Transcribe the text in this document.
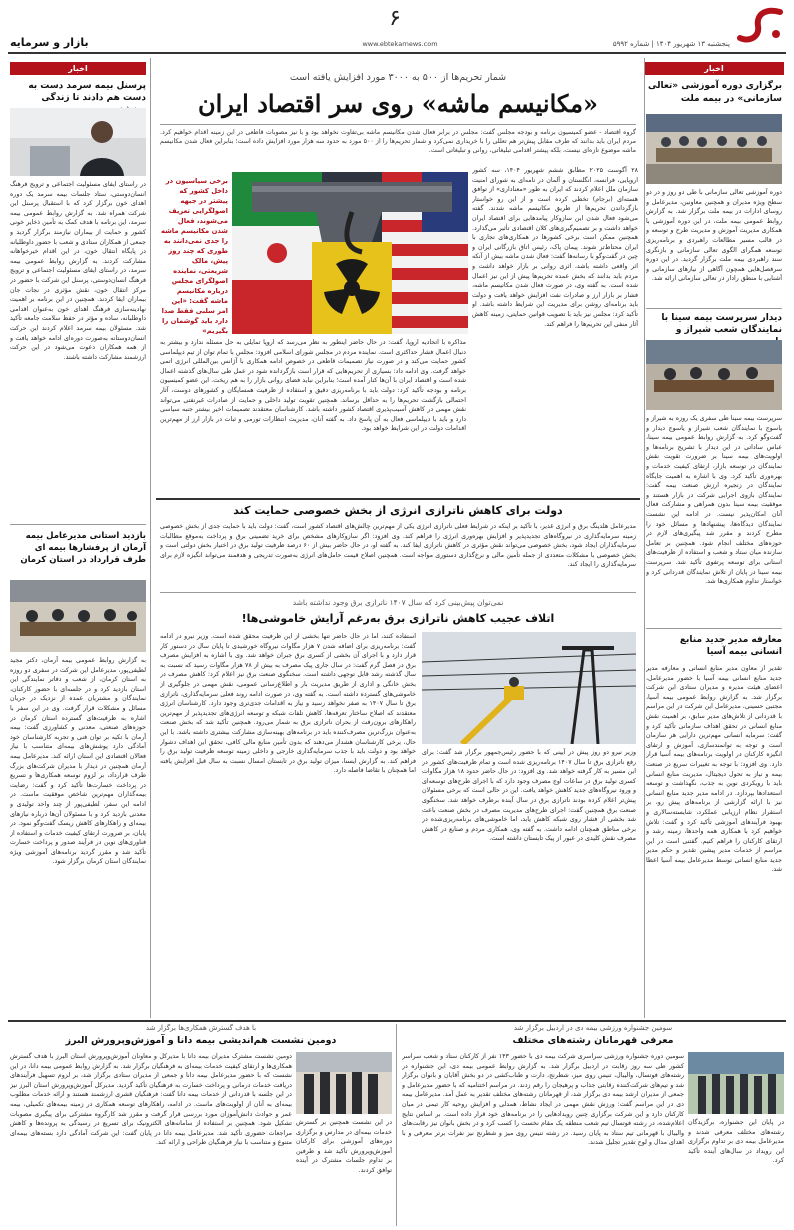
پنجشنبه ۱۳ شهریور ۱۴۰۴ | شماره ۵۹۹۲
۶
www.ebtekarnews.com
بازار و سرمایه
اخبار
برگزاری دوره آموزشی «تعالی سازمانی» در بیمه ملت
دوره آموزشی تعالی سازمانی با طی دو روز و در دو سطح ویژه مدیران و همچنین معاونین، مدیرعامل و روسای ادارات در بیمه ملت برگزار شد. به گزارش روابط عمومی بیمه ملت، در این دوره آموزشی با همکاری مدیریت آموزش و مدیریت طرح و توسعه و در قالب مسیر مطالعات راهبردی و برنامه‌ریزی توسعه همگرای الگوی تعالی سازمانی و بازنگری سند راهبردی بیمه ملت برگزار گردید. در این دوره سرفصل‌هایی همچون آگاهی از نیازهای سازمانی و آشنایی با منطق رادار در تعالی سازمانی ارائه شد.
دیدار سرپرست بیمه سینا با نمایندگان شعب شیراز و
سرپرست بیمه سینا طی سفری یک روزه به شیراز و یاسوج با نمایندگان شعب شیراز و یاسوج دیدار و گفت‌وگو کرد. به گزارش روابط عمومی بیمه سینا، عباس ساداتی در این دیدار با تشریح برنامه‌ها و اولویت‌های بیمه سینا بر ضرورت تقویت نقش نمایندگان در توسعه بازار، ارتقای کیفیت خدمات و بهره‌وری تأکید کرد. وی با اشاره به اهمیت جایگاه نمایندگان در زنجیره ارزش صنعت بیمه گفت: نمایندگان بازوی اجرایی شرکت در بازار هستند و موفقیت بیمه سینا بدون همراهی و مشارکت فعال آنان امکان‌پذیر نیست. در ادامه این نشست نمایندگان دیدگاه‌ها، پیشنهادها و مسائل خود را مطرح کردند و مقرر شد پیگیری‌های لازم در حوزه‌های مختلف انجام شود. همچنین بر تعامل سازنده میان ستاد و شعب و استفاده از ظرفیت‌های استانی برای توسعه پرتفوی تأکید شد. سرپرست بیمه سینا در پایان از تلاش نمایندگان قدردانی کرد و خواستار تداوم همکاری‌ها شد.
معارفه مدیر جدید منابع انسانی بیمه آسیا
تقدیر از معاون مدیر منابع انسانی و معارفه مدیر جدید منابع انسانی بیمه آسیا با حضور مدیرعامل، اعضای هیئت مدیره و مدیران ستادی این شرکت برگزار شد. به گزارش روابط عمومی بیمه آسیا، مجتبی حسینی، مدیرعامل این شرکت در این مراسم با قدردانی از تلاش‌های مدیر سابق، بر اهمیت نقش منابع انسانی در تحقق اهداف سازمانی تأکید کرد و گفت: سرمایه انسانی مهم‌ترین دارایی هر سازمان است و توجه به توانمندسازی، آموزش و ارتقای انگیزه کارکنان در اولویت برنامه‌های بیمه آسیا قرار دارد. وی افزود: با توجه به تغییرات سریع در صنعت بیمه و نیاز به تحول دیجیتال، مدیریت منابع انسانی باید با رویکردی نوین به جذب، نگهداشت و توسعه استعدادها بپردازد. در ادامه مدیر جدید منابع انسانی نیز با ارائه گزارشی از برنامه‌های پیش رو، بر استقرار نظام ارزیابی عملکرد، شایسته‌سالاری و بهبود فرآیندهای آموزشی تأکید کرد و گفت: تلاش خواهیم کرد با همکاری همه واحدها، زمینه رشد و ارتقای کارکنان را فراهم کنیم. گفتنی است در این مراسم از خدمات مدیر پیشین تقدیر و حکم مدیر جدید منابع انسانی توسط مدیرعامل بیمه آسیا اعطا شد.
اخبار
پرسنل بیمه سرمد دست به دست هم دادند تا زندگی
در راستای ایفای مسئولیت اجتماعی و ترویج فرهنگ انسان‌دوستی، ستاد جلسات بیمه سرمد یک دوره اهدای خون برگزار کرد که با استقبال پرسنل این شرکت همراه شد. به گزارش روابط عمومی بیمه سرمد، این برنامه با هدف کمک به تأمین ذخایر خونی کشور و حمایت از بیماران نیازمند برگزار گردید و جمعی از همکاران ستادی و شعب با حضور داوطلبانه در پایگاه انتقال خون، در این اقدام خیرخواهانه مشارکت کردند. به گزارش روابط عمومی بیمه سرمد، در راستای ایفای مسئولیت اجتماعی و ترویج فرهنگ انسان‌دوستی، پرسنل این شرکت با حضور در مرکز انتقال خون، نقش مؤثری در نجات جان بیماران ایفا کردند. همچنین در این برنامه بر اهمیت نهادینه‌سازی فرهنگ اهدای خون به‌عنوان اقدامی داوطلبانه، ساده و مؤثر در حفظ سلامت جامعه تأکید شد. مسئولان بیمه سرمد اعلام کردند این حرکت انسان‌دوستانه به‌صورت دوره‌ای ادامه خواهد یافت و از همه همکاران دعوت می‌شود در این حرکت ارزشمند مشارکت داشته باشند.
بازدید استانی مدیرعامل بیمه آرمان از پرفشارها بیمه ای طرف قرارداد در استان کرمان
به گزارش روابط عمومی بیمه آرمان، دکتر مجید لطیفی‌پور، مدیرعامل این شرکت در سفری دو روزه به استان کرمان، از شعب و دفاتر نمایندگی این استان بازدید کرد و در جلسه‌ای با حضور کارکنان، نمایندگان و مشتریان عمده از نزدیک در جریان مسائل و مشکلات قرار گرفت. وی در این سفر با اشاره به ظرفیت‌های گسترده استان کرمان در حوزه‌های صنعتی، معدنی و کشاورزی گفت: بیمه آرمان با تکیه بر توان فنی و تجربه کارشناسان خود آمادگی دارد پوشش‌های بیمه‌ای متناسب با نیاز فعالان اقتصادی این استان ارائه کند. مدیرعامل بیمه آرمان همچنین در دیدار با مدیران شرکت‌های بزرگ طرف قرارداد، بر لزوم توسعه همکاری‌ها و تسریع در پرداخت خسارت‌ها تأکید کرد و گفت: رضایت بیمه‌گذاران مهم‌ترین شاخص موفقیت ماست. در ادامه این سفر، لطیفی‌پور از چند واحد تولیدی و معدنی بازدید کرد و با مسئولان آن‌ها درباره نیازهای بیمه‌ای و راهکارهای کاهش ریسک گفت‌وگو نمود. در پایان، بر ضرورت ارتقای کیفیت خدمات و استفاده از فناوری‌های نوین در فرآیند صدور و پرداخت خسارت تأکید شد و مقرر گردید برنامه‌های آموزشی ویژه نمایندگان استان کرمان برگزار شود.
شمار تحریم‌ها از ۵۰۰ به ۳۰۰۰ مورد افزایش یافته است
«مکانیسم ماشه» روی سر اقتصاد ایران
گروه اقتصاد - عضو کمیسیون برنامه و بودجه مجلس گفت: مجلس در برابر فعال شدن مکانیسم ماشه بی‌تفاوت نخواهد بود و با نیز مصوبات قاطعی در این زمینه اقدام خواهیم کرد. مردم ایران باید بدانند که طرف مقابل پیش‌تر هم تعللی را با خریداری نمی‌کرد و شمار تحریم‌ها را از ۵۰۰ مورد به حدود سه هزار مورد افزایش داده است؛ بنابراین فعال شدن مکانیسم ماشه موضوع تازه‌ای نیست، بلکه پیشتر اقدامی تبلیغاتی، روانی و تبلیغاتی است.
برخی سیاسیون در داخل کشور که پیشتر در جبهه اصولگرایی تعریف می‌شوند، فعال شدن مکانیسم ماشه را جدی نمی‌دانند به طوری که چند روز پیش، مالک شریعتی، نماینده اصولگرای مجلس درباره مکانیسم ماشه گفت: «این امر سلبی فقط صدا دارد باید گوشمان را بگیریم»
۲۸ آگوست ۲۰۲۵ مطابق ششم شهریور ۱۴۰۴، سه کشور اروپایی، فرانسه، انگلستان و آلمان در نامه‌ای به شورای امنیت سازمان ملل اعلام کردند که ایران به طور «معناداری» از توافق هسته‌ای (برجام) تخطی کرده است و از این رو خواستار بازگرداندن تحریم‌ها از طریق مکانیسم ماشه شدند. گفته می‌شود فعال شدن این سازوکار پیامدهایی برای اقتصاد ایران خواهد داشت و بر تصمیم‌گیری‌های کلان اقتصادی تأثیر می‌گذارد. همچنین ممکن است برخی کشورها در همکاری‌های تجاری با ایران محتاط‌تر شوند. پیمان پاک، رئیس اتاق بازرگانی ایران و چین در گفت‌وگو با رسانه‌ها گفت: فعال شدن ماشه بیش از آنکه اثر واقعی داشته باشد، اثری روانی بر بازار خواهد داشت و مردم باید بدانند که بخش عمده تحریم‌ها پیش از این نیز اعمال شده است. به گفته وی، در صورت فعال شدن مکانیسم ماشه، فشار بر بازار ارز و صادرات نفت افزایش خواهد یافت و دولت باید برنامه‌ای روشن برای مدیریت این شرایط داشته باشد. او تأکید کرد: مجلس نیز باید با تصویب قوانین حمایتی، زمینه کاهش آثار منفی این تحریم‌ها را فراهم کند.
مذاکره با اتحادیه اروپا، گفت: در حال حاضر اینطور به نظر می‌رسد که اروپا تمایلی به حل مسئله ندارد و بیشتر به دنبال اعمال فشار حداکثری است. نماینده مردم در مجلس شورای اسلامی افزود: مجلس با تمام توان از تیم دیپلماسی کشور حمایت می‌کند و در صورت نیاز تصمیمات قاطعی در خصوص ادامه همکاری با آژانس بین‌المللی انرژی اتمی خواهد گرفت. وی ادامه داد: بسیاری از تحریم‌هایی که قرار است بازگردانده شود در عمل طی سال‌های گذشته اعمال شده است و اقتصاد ایران با آن‌ها کنار آمده است؛ بنابراین نباید فضای روانی بازار را به هم ریخت. این عضو کمیسیون برنامه و بودجه تأکید کرد: دولت باید با برنامه‌ریزی دقیق و استفاده از ظرفیت همسایگان و کشورهای دوست، آثار احتمالی بازگشت تحریم‌ها را به حداقل برساند. همچنین تقویت تولید داخلی و حمایت از صادرات غیرنفتی می‌تواند نقش مهمی در کاهش آسیب‌پذیری اقتصاد کشور داشته باشد. کارشناسان معتقدند تصمیمات اخیر بیشتر جنبه سیاسی دارد و باید با دیپلماسی فعال به آن پاسخ داد. به گفته آنان، مدیریت انتظارات تورمی و ثبات در بازار ارز از مهم‌ترین اقدامات دولت در این شرایط خواهد بود.
دولت برای کاهش ناترازی انرژی از بخش خصوصی حمایت کند
مدیرعامل هلدینگ برق و انرژی غدیر، با تأکید بر اینکه در شرایط فعلی ناترازی انرژی یکی از مهم‌ترین چالش‌های اقتصاد کشور است، گفت: دولت باید با حمایت جدی از بخش خصوصی زمینه سرمایه‌گذاری در نیروگاه‌های تجدیدپذیر و افزایش بهره‌وری انرژی را فراهم کند. وی افزود: اگر سازوکارهای مشخص برای خرید تضمینی برق و پرداخت به‌موقع مطالبات سرمایه‌گذاران ایجاد شود، بخش خصوصی می‌تواند نقش مؤثری در کاهش ناترازی ایفا کند. به گفته او، در حال حاضر بیش از ۶۰ درصد ظرفیت تولید برق در اختیار بخش دولتی است و بخش خصوصی با مشکلات متعددی از جمله تأمین مالی و نرخ‌گذاری دستوری مواجه است. همچنین اصلاح قیمت حامل‌های انرژی به‌صورت تدریجی و هدفمند می‌تواند انگیزه لازم برای سرمایه‌گذاری را ایجاد کند.
نمی‌توان پیش‌بینی کرد که سال ۱۴۰۷ ناترازی برق وجود نداشته باشد
اتلاف عجیب کاهش ناترازی برق به‌رغم آرایش خاموشی‌ها!
استفاده کنند، اما در حال حاضر تنها بخشی از این ظرفیت محقق شده است. وزیر نیرو در ادامه گفت: برنامه‌ریزی برای اضافه شدن ۷ هزار مگاوات نیروگاه خورشیدی تا پایان سال در دستور کار قرار دارد و با اجرای آن بخشی از کسری برق جبران خواهد شد. وی با اشاره به افزایش مصرف برق در فصل گرم گفت: در سال جاری پیک مصرف به بیش از ۷۸ هزار مگاوات رسید که نسبت به سال گذشته رشد قابل توجهی داشته است. سخنگوی صنعت برق نیز اعلام کرد: کاهش مصرف در بخش خانگی و اداری از طریق مدیریت بار و اطلاع‌رسانی عمومی، نقش مهمی در جلوگیری از خاموشی‌های گسترده داشته است. به گفته وی، در صورت ادامه روند فعلی سرمایه‌گذاری، ناترازی برق تا سال ۱۴۰۷ به صفر نخواهد رسید و نیاز به اقدامات جدی‌تری وجود دارد. کارشناسان انرژی معتقدند که اصلاح ساختار تعرفه‌ها، کاهش تلفات شبکه و توسعه انرژی‌های تجدیدپذیر از مهم‌ترین راهکارهای برون‌رفت از بحران ناترازی برق به شمار می‌رود. همچنین تأکید شد که بخش صنعت به‌عنوان بزرگ‌ترین مصرف‌کننده باید در برنامه‌های بهینه‌سازی مشارکت بیشتری داشته باشد. با این حال، برخی کارشناسان هشدار می‌دهند که بدون تأمین منابع مالی کافی، تحقق این اهداف دشوار خواهد بود و دولت باید با جذب سرمایه‌گذاری خارجی و داخلی زمینه توسعه ظرفیت تولید برق را فراهم کند. به گزارش ایسنا، میزان تولید برق در تابستان امسال نسبت به سال قبل افزایش یافته اما همچنان با تقاضا فاصله دارد.
وزیر نیرو دو روز پیش در آیینی که با حضور رئیس‌جمهور برگزار شد گفت: برای رفع ناترازی برق تا سال ۱۴۰۷ برنامه‌ریزی شده است و تمام ظرفیت‌های کشور در این مسیر به کار گرفته خواهد شد. وی افزود: در حال حاضر حدود ۱۸ هزار مگاوات کسری تولید برق در ساعات اوج مصرف وجود دارد که با اجرای طرح‌های توسعه‌ای و ورود نیروگاه‌های جدید کاهش خواهد یافت. این در حالی است که برخی مسئولان پیش‌تر اعلام کرده بودند ناترازی برق در سال آینده برطرف خواهد شد. سخنگوی صنعت برق همچنین گفت: اجرای طرح‌های مدیریت مصرف در بخش صنعت باعث شد بخشی از فشار روی شبکه کاهش یابد، اما خاموشی‌های برنامه‌ریزی‌شده در برخی مناطق همچنان ادامه داشت. به گفته وی، همکاری مردم و صنایع در کاهش مصرف نقش کلیدی در عبور از پیک تابستان داشته است.
با هدف گسترش همکاری‌ها برگزار شد
دومین نشست هم‌اندیشی بیمه دانا و آموزش‌وپرورش البرز
دومین نشست مشترک مدیران بیمه دانا با مدیرکل و معاونان آموزش‌وپرورش استان البرز با هدف گسترش همکاری‌ها و ارتقای کیفیت خدمات بیمه‌ای به فرهنگیان برگزار شد. به گزارش روابط عمومی بیمه دانا، در این نشست که با حضور مدیرعامل بیمه دانا و جمعی از مدیران ستادی برگزار شد، بر لزوم تسهیل فرآیندهای دریافت خدمات درمانی و پرداخت خسارت به فرهنگیان تأکید گردید. مدیرکل آموزش‌وپرورش استان البرز نیز در این جلسه با قدردانی از خدمات بیمه دانا گفت: فرهنگیان قشری ارزشمند هستند و ارائه خدمات مطلوب بیمه‌ای به آنان از اولویت‌های ماست. در ادامه، راهکارهای توسعه همکاری در زمینه بیمه‌های تکمیلی، بیمه عمر و حوادث دانش‌آموزان مورد بررسی قرار گرفت و مقرر شد کارگروه مشترکی برای پیگیری مصوبات تشکیل شود. همچنین بر استفاده از سامانه‌های الکترونیک برای تسریع در رسیدگی به پرونده‌ها و کاهش مراجعات حضوری تأکید شد. مدیرعامل بیمه دانا در پایان گفت: این شرکت آمادگی دارد بسته‌های بیمه‌ای متنوع و متناسب با نیاز فرهنگیان طراحی و ارائه کند.
در این نشست همچنین بر گسترش خدمات بیمه‌ای در مدارس و برگزاری دوره‌های آموزشی برای کارکنان آموزش‌وپرورش تأکید شد و طرفین بر تداوم جلسات مشترک در آینده توافق کردند.
سومین جشنواره ورزشی بیمه دی در اردبیل برگزار شد
معرفی قهرمانان رشته‌های مختلف
سومین دوره جشنواره ورزشی سراسری شرکت بیمه دی با حضور ۱۴۳ نفر از کارکنان ستاد و شعب سراسر کشور طی سه روز رقابت در اردبیل برگزار شد. به گزارش روابط عمومی بیمه دی، این جشنواره در رشته‌های فوتسال، والیبال، تنیس روی میز، شطرنج، دارت و طناب‌کشی در دو بخش آقایان و بانوان برگزار شد و تیم‌های شرکت‌کننده رقابتی جذاب و پرهیجان را رقم زدند. در مراسم اختتامیه که با حضور مدیرعامل و جمعی از مدیران ارشد بیمه دی برگزار شد، از قهرمانان رشته‌های مختلف تقدیر به عمل آمد. مدیرعامل بیمه دی در این مراسم گفت: ورزش نقش مهمی در ایجاد نشاط، همدلی و افزایش روحیه کار تیمی در میان کارکنان دارد و این شرکت برگزاری چنین رویدادهایی را در برنامه‌های خود قرار داده است. بر اساس نتایج اعلام‌شده، در رشته فوتسال تیم شعب منطقه یک مقام نخست را کسب کرد و در بخش بانوان نیز رقابت‌های والیبال با قهرمانی تیم ستاد به پایان رسید. در رشته تنیس روی میز و شطرنج نیز نفرات برتر معرفی و با اهدای مدال و لوح تقدیر تجلیل شدند.
در پایان این جشنواره، برگزیدگان رشته‌های مختلف معرفی شدند و مدیرعامل بیمه دی بر تداوم برگزاری این رویداد در سال‌های آینده تأکید کرد.
